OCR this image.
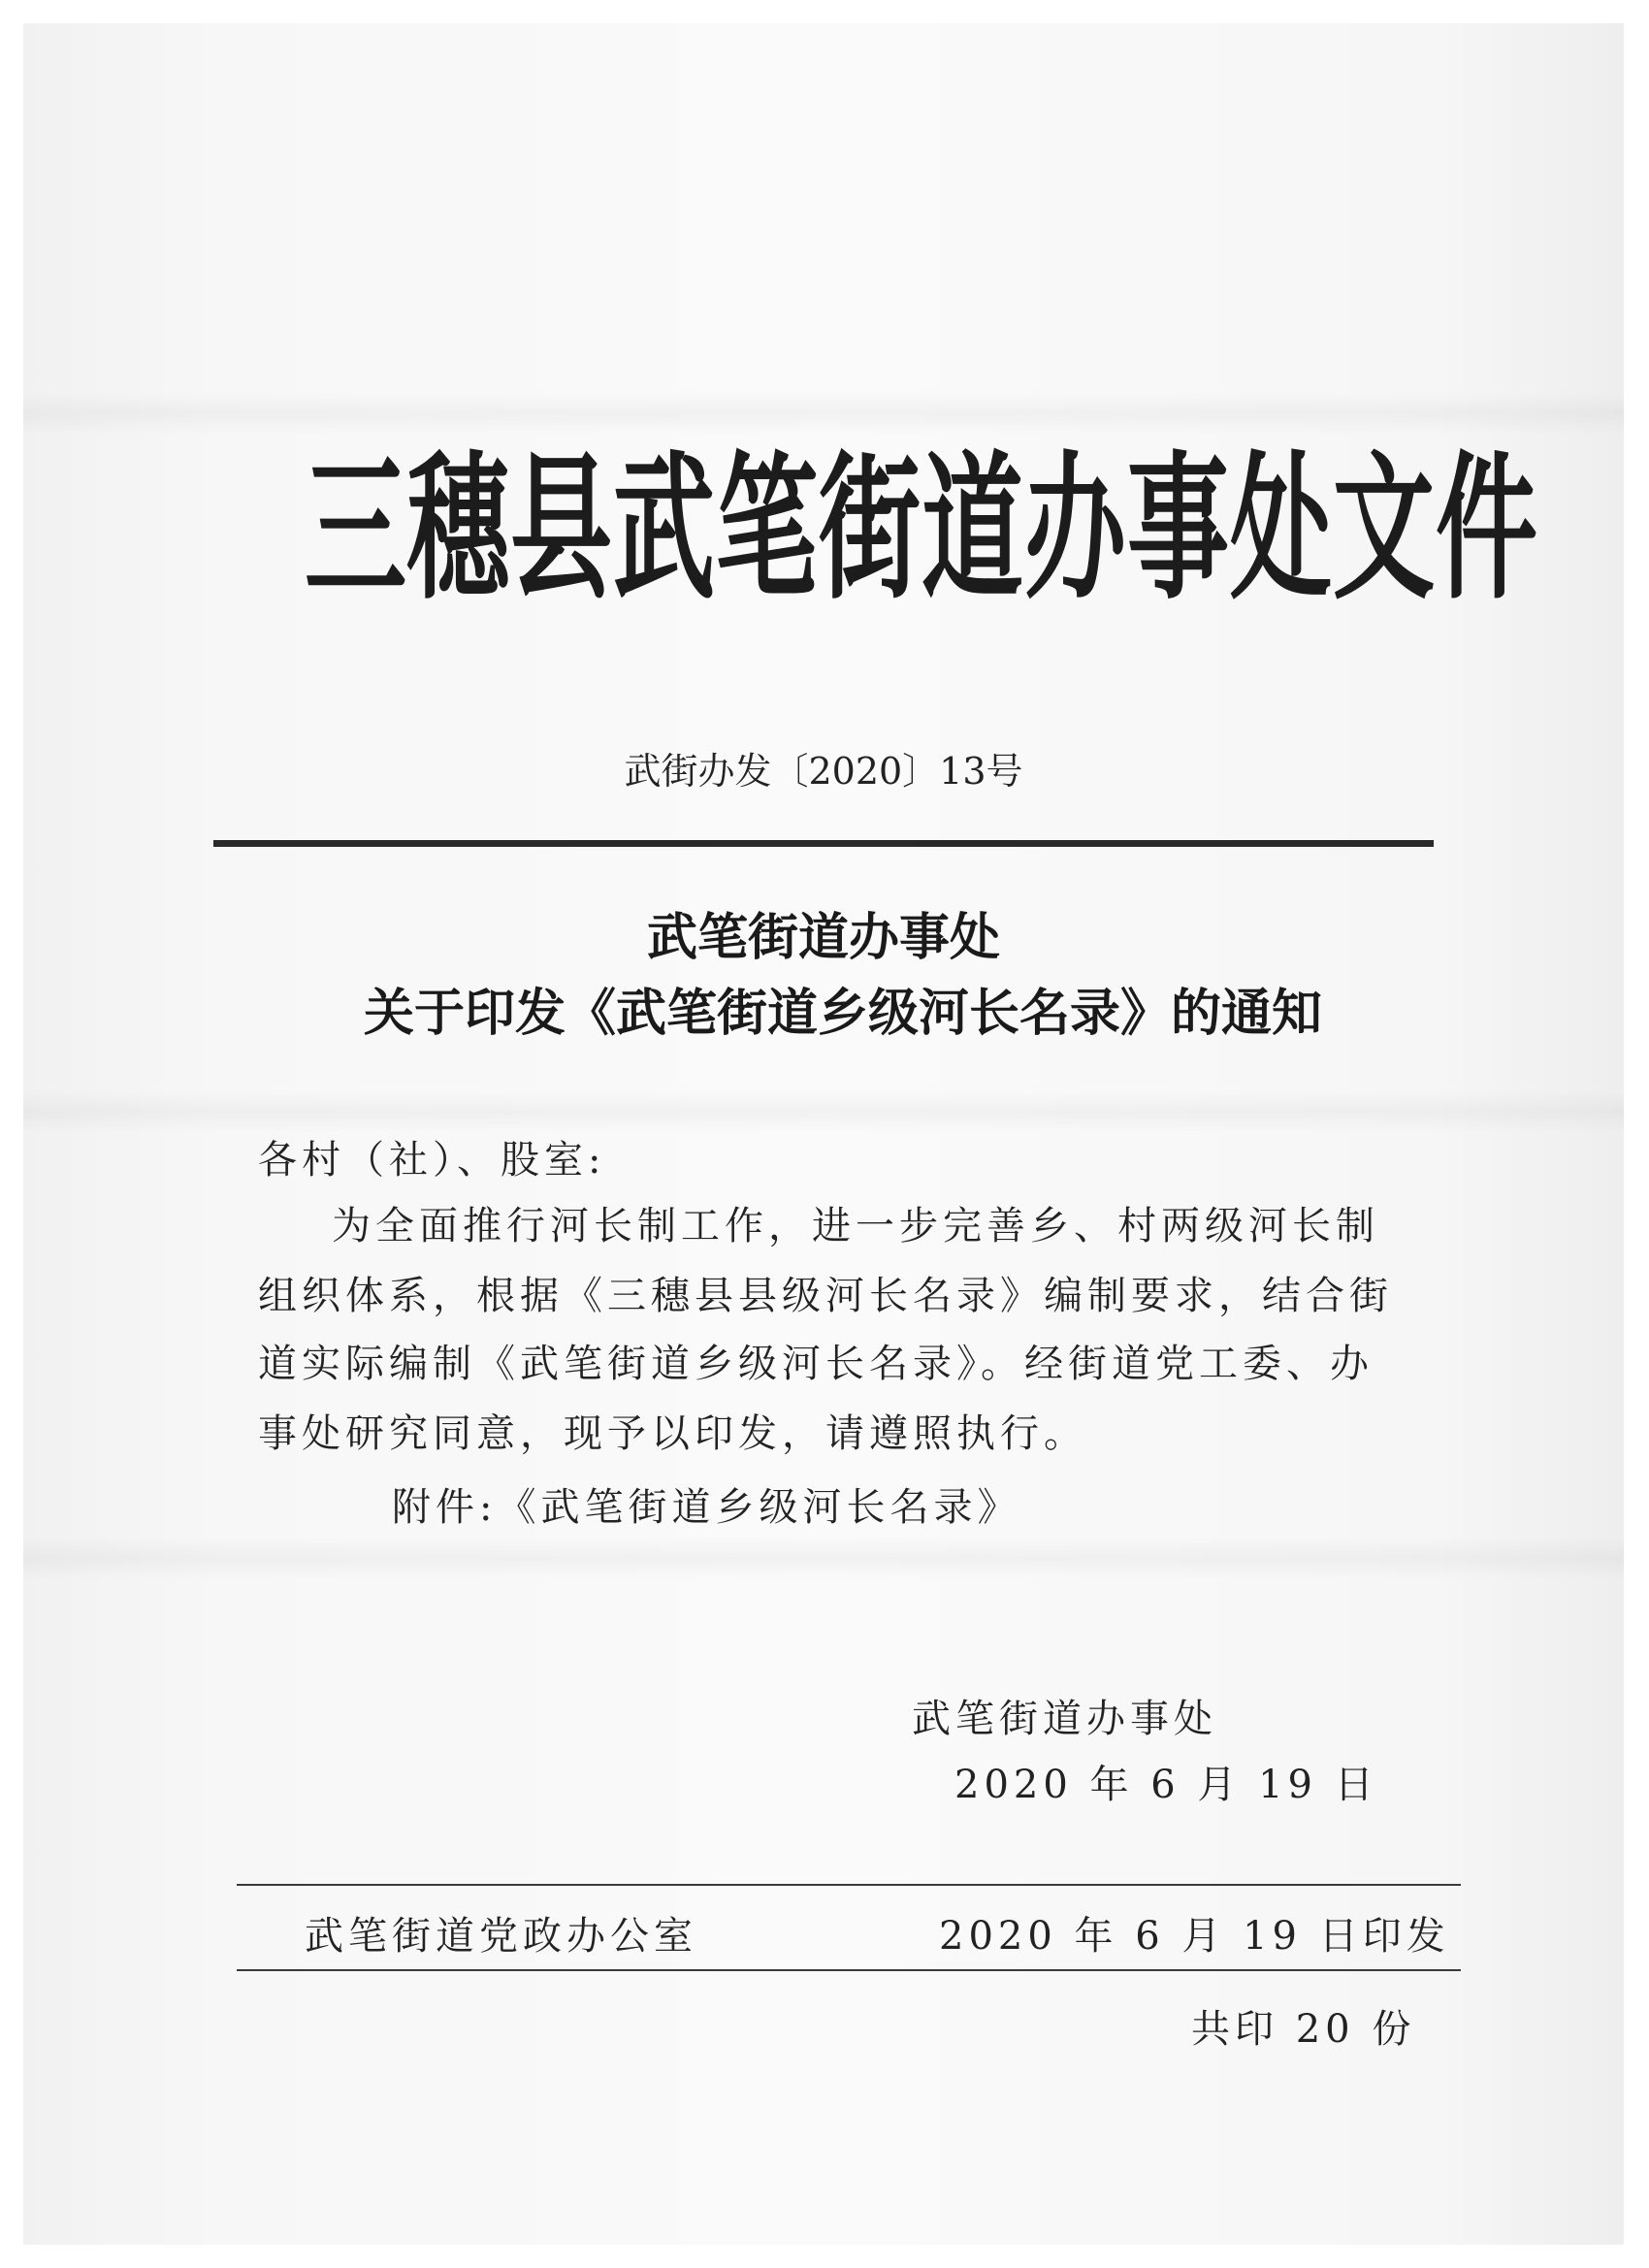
三穗县武笔街道办事处文件
武街办发〔2020〕13号
武笔街道办事处
关于印发《武笔街道乡级河长名录》的通知
各村（社）、股室:
为全面推行河长制工作，进一步完善乡、村两级河长制
组织体系，根据《三穗县县级河长名录》编制要求，结合街
道实际编制《武笔街道乡级河长名录》。经街道党工委、办
事处研究同意，现予以印发，请遵照执行。
附件:《武笔街道乡级河长名录》
武笔街道办事处
2020 年 6 月 19 日
武笔街道党政办公室	2020 年 6 月 19 日印发
共印 20 份
